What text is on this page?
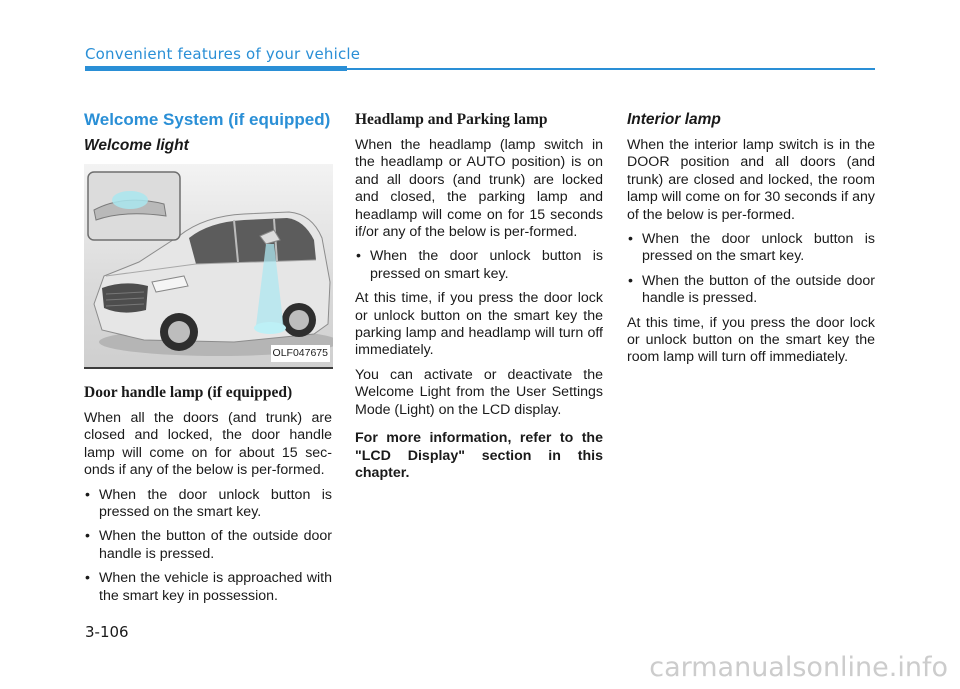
Convenient features of your vehicle
Welcome System (if equipped)
Welcome light
OLF047675
Door handle lamp (if equipped)

When all the doors (and trunk) are closed and locked, the door handle lamp will come on for about 15 sec-onds if any of the below is per-formed.

• When the door unlock button is pressed on the smart key.
• When the button of the outside door handle is pressed.
• When the vehicle is approached with the smart key in possession.
Headlamp and Parking lamp

When the headlamp (lamp switch in the headlamp or AUTO position) is on and all doors (and trunk) are locked and closed, the parking lamp and headlamp will come on for 15 seconds if/or any of the below is per-formed.

• When the door unlock button is pressed on smart key.

At this time, if you press the door lock or unlock button on the smart key the parking lamp and headlamp will turn off immediately.

You can activate or deactivate the Welcome Light from the User Settings Mode (Light) on the LCD display.

For more information, refer to the "LCD Display" section in this chapter.

Interior lamp

When the interior lamp switch is in the DOOR position and all doors (and trunk) are closed and locked, the room lamp will come on for 30 seconds if any of the below is per-formed.

• When the door unlock button is pressed on the smart key.
• When the button of the outside door handle is pressed.

At this time, if you press the door lock or unlock button on the smart key the room lamp will turn off immediately.

3-106
carmanualsonline.info
